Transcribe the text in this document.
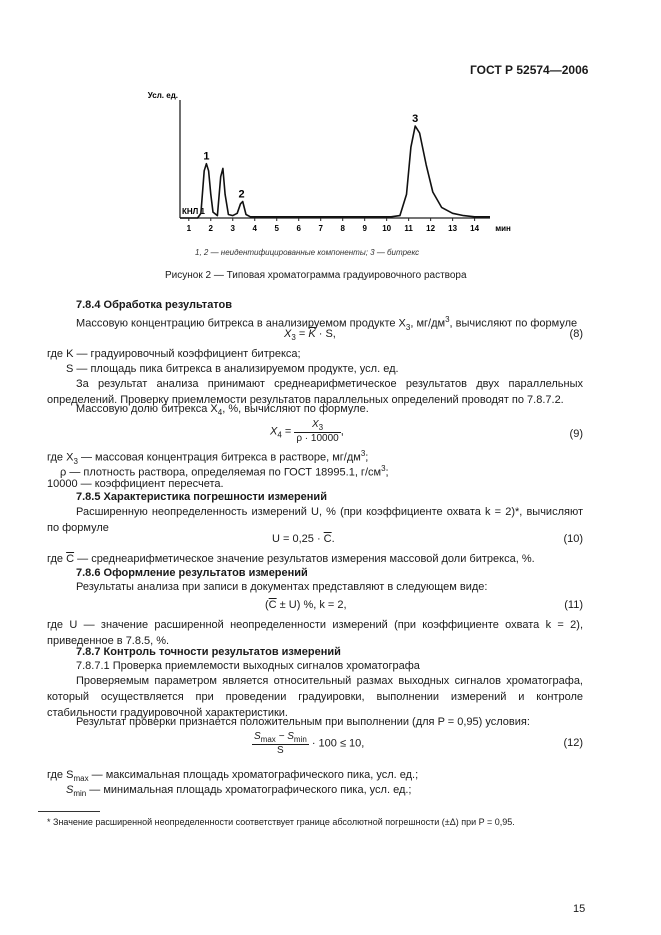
ГОСТ Р 52574—2006
Усл. ед.
1 2 3 4 5 6 7 8 9 10 11 12 13 14 мин
КНЛ 1
1
2
3
1, 2 — неидентифицированные компоненты; 3 — битрекс
Рисунок 2 — Типовая хроматограмма градуировочного раствора
7.8.4 Обработка результатов
Массовую концентрацию битрекса в анализируемом продукте $X_3$, $мг/дм^3$, вычисляют по формуле
$X_3 = \overline{K} \cdot S$,	(8)
где K — градуировочный коэффициент битрекса;
S — площадь пика битрекса в анализируемом продукте, усл. ед.
За результат анализа принимают среднеарифметическое результатов двух параллельных определений. Проверку приемлемости результатов параллельных определений проводят по 7.8.7.2.
Массовую долю битрекса $X_4$, %, вычисляют по формуле.
$X_4 = \frac{X_3}{\rho \cdot 10000}$ ,	(9)
где $X_3$ — массовая концентрация битрекса в растворе, $мг/дм^3$;
ρ — плотность раствора, определяемая по ГОСТ 18995.1, $г/см^3$;
10000 — коэффициент пересчета.
7.8.5 Характеристика погрешности измерений
Расширенную неопределенность измерений U, % (при коэффициенте охвата k = 2)*, вычисляют по формуле
$U = 0,25 \cdot \overline{C}$.	(10)
где $\overline{C}$ — среднеарифметическое значение результатов измерения массовой доли битрекса, %.
7.8.6 Оформление результатов измерений
Результаты анализа при записи в документах представляют в следующем виде:
$(\overline{C} \pm U)$ %, k = 2,	(11)
где U — значение расширенной неопределенности измерений (при коэффициенте охвата k = 2), приведенное в 7.8.5, %.
7.8.7 Контроль точности результатов измерений
7.8.7.1 Проверка приемлемости выходных сигналов хроматографа
Проверяемым параметром является относительный размах выходных сигналов хроматографа, который осуществляется при проведении градуировки, выполнении измерений и контроле стабильности градуировочной характеристики.
Результат проверки признается положительным при выполнении (для P = 0,95) условия:
$\frac{S_{max} - S_{min}}{S} \cdot 100 \le 10$,	(12)
где $S_{max}$ — максимальная площадь хроматографического пика, усл. ед.;
$S_{min}$ — минимальная площадь хроматографического пика, усл. ед.;
* Значение расширенной неопределенности соответствует границе абсолютной погрешности (±Δ) при P = 0,95.
15
